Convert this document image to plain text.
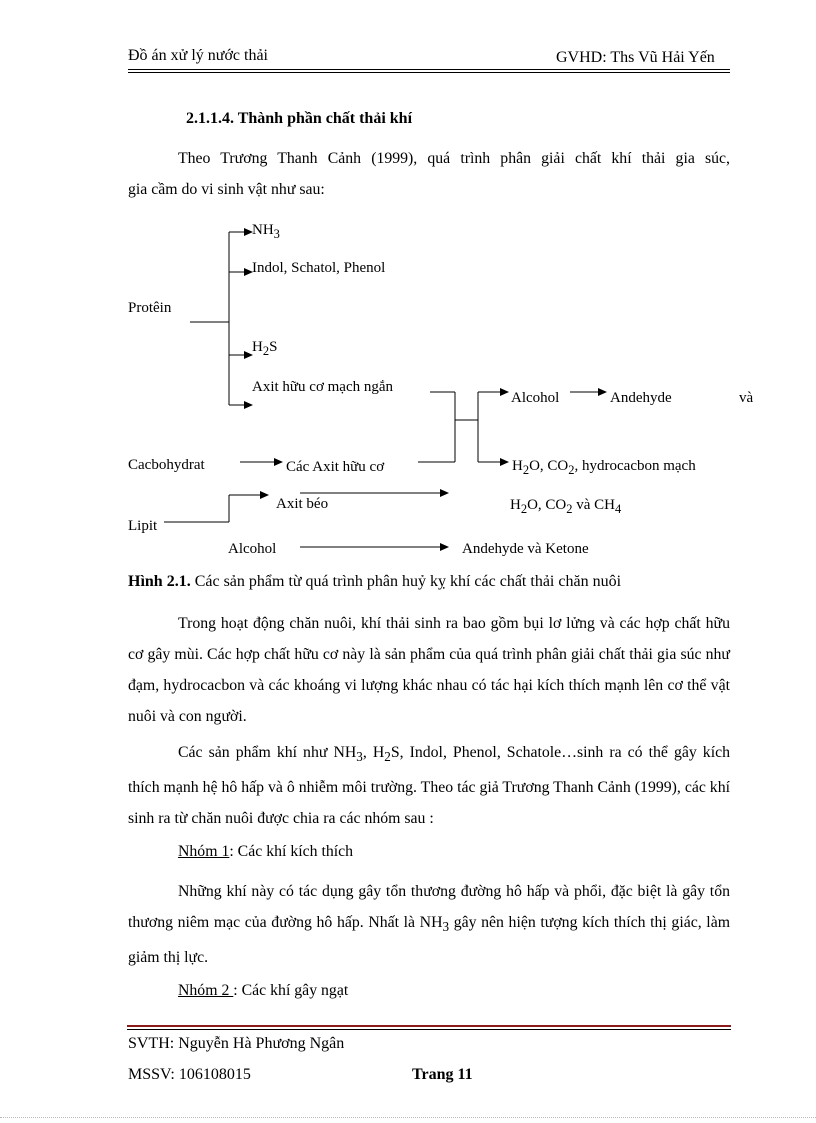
Đồ án xử lý nước thải	GVHD: Ths Vũ Hải Yến
2.1.1.4. Thành phần chất thải khí
Theo Trương Thanh Cảnh (1999), quá trình phân giải chất khí thải gia súc,
gia cầm do vi sinh vật như sau:
$NH_3$
Indol, Schatol, Phenol
Protêin
$H_2S$
Axit hữu cơ mạch ngắn
Alcohol	Andehyde	và
Cacbohydrat	Các Axit hữu cơ	$H_2O$, $CO_2$, hydrocacbon mạch
Axit béo	$H_2O$, $CO_2$ và $CH_4$
Lipit
Alcohol	Andehyde và Ketone
Hình 2.1. Các sản phẩm từ quá trình phân huỷ kỵ khí các chất thải chăn nuôi
Trong hoạt động chăn nuôi, khí thải sinh ra bao gồm bụi lơ lửng và các hợp chất hữu cơ gây mùi. Các hợp chất hữu cơ này là sản phẩm của quá trình phân giải chất thải gia súc như đạm, hydrocacbon và các khoáng vi lượng khác nhau có tác hại kích thích mạnh lên cơ thể vật nuôi và con người.
Các sản phẩm khí như $NH_3$, $H_2S$, Indol, Phenol, Schatole…sinh ra có thể gây kích thích mạnh hệ hô hấp và ô nhiễm môi trường. Theo tác giả Trương Thanh Cảnh (1999), các khí sinh ra từ chăn nuôi được chia ra các nhóm sau :
Nhóm 1: Các khí kích thích
Những khí này có tác dụng gây tổn thương đường hô hấp và phổi, đặc biệt là gây tổn thương niêm mạc của đường hô hấp. Nhất là $NH_3$ gây nên hiện tượng kích thích thị giác, làm giảm thị lực.
Nhóm 2 : Các khí gây ngạt
SVTH: Nguyễn Hà Phương Ngân
MSSV: 106108015	Trang 11
